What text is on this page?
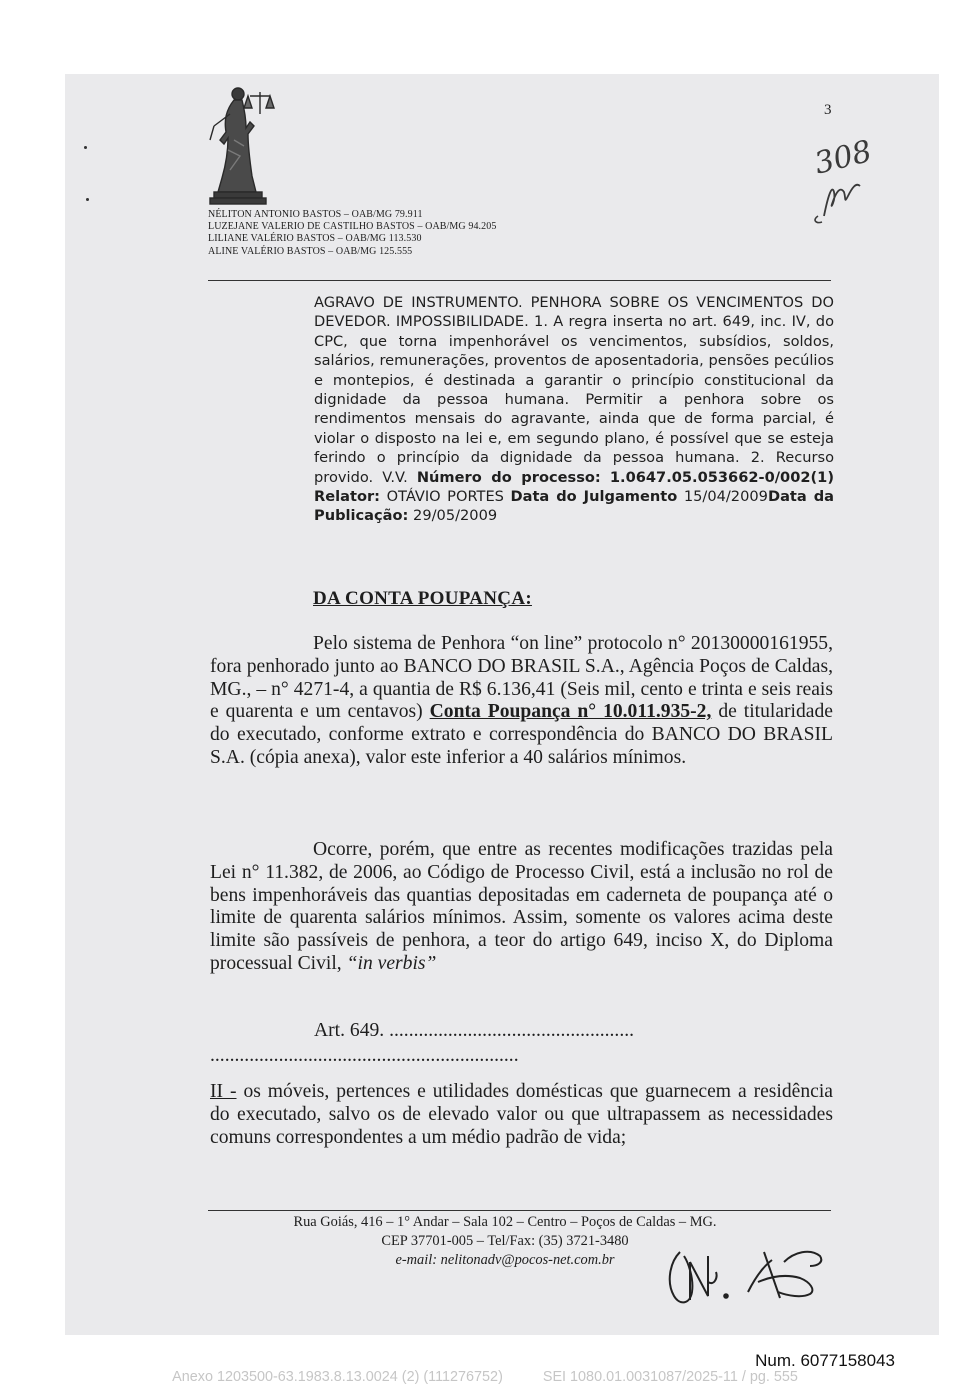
3
308
NÉLITON ANTONIO BASTOS – OAB/MG 79.911
LUZEJANE VALERIO DE CASTILHO BASTOS – OAB/MG 94.205
LILIANE VALÉRIO BASTOS – OAB/MG 113.530
ALINE VALÉRIO BASTOS – OAB/MG 125.555

AGRAVO DE INSTRUMENTO. PENHORA SOBRE OS VENCIMENTOS DO DEVEDOR. IMPOSSIBILIDADE. 1. A regra inserta no art. 649, inc. IV, do CPC, que torna impenhorável os vencimentos, subsídios, soldos, salários, remunerações, proventos de aposentadoria, pensões pecúlios e montepios, é destinada a garantir o princípio constitucional da dignidade da pessoa humana. Permitir a penhora sobre os rendimentos mensais do agravante, ainda que de forma parcial, é violar o disposto na lei e, em segundo plano, é possível que se esteja ferindo o princípio da dignidade da pessoa humana. 2. Recurso provido. V.V. Número do processo: 1.0647.05.053662-0/002(1) Relator: OTÁVIO PORTES Data do Julgamento 15/04/2009Data da Publicação: 29/05/2009

DA CONTA POUPANÇA:

Pelo sistema de Penhora “on line” protocolo n° 20130000161955, fora penhorado junto ao BANCO DO BRASIL S.A., Agência Poços de Caldas, MG., – n° 4271-4, a quantia de R$ 6.136,41 (Seis mil, cento e trinta e seis reais e quarenta e um centavos) Conta Poupança n° 10.011.935-2, de titularidade do executado, conforme extrato e correspondência do BANCO DO BRASIL S.A. (cópia anexa), valor este inferior a 40 salários mínimos.

Ocorre, porém, que entre as recentes modificações trazidas pela Lei n° 11.382, de 2006, ao Código de Processo Civil, está a inclusão no rol de bens impenhoráveis das quantias depositadas em caderneta de poupança até o limite de quarenta salários mínimos. Assim, somente os valores acima deste limite são passíveis de penhora, a teor do artigo 649, inciso X, do Diploma processual Civil, “in verbis”

Art. 649. ..................................................
...............................................................

II - os móveis, pertences e utilidades domésticas que guarnecem a residência do executado, salvo os de elevado valor ou que ultrapassem as necessidades comuns correspondentes a um médio padrão de vida;

Rua Goiás, 416 – 1° Andar – Sala 102 – Centro – Poços de Caldas – MG.
CEP 37701-005 – Tel/Fax: (35) 3721-3480
e-mail: nelitonadv@pocos-net.com.br
Num. 6077158043
Anexo 1203500-63.1983.8.13.0024 (2) (111276752)	SEI 1080.01.0031087/2025-11 / pg. 555
